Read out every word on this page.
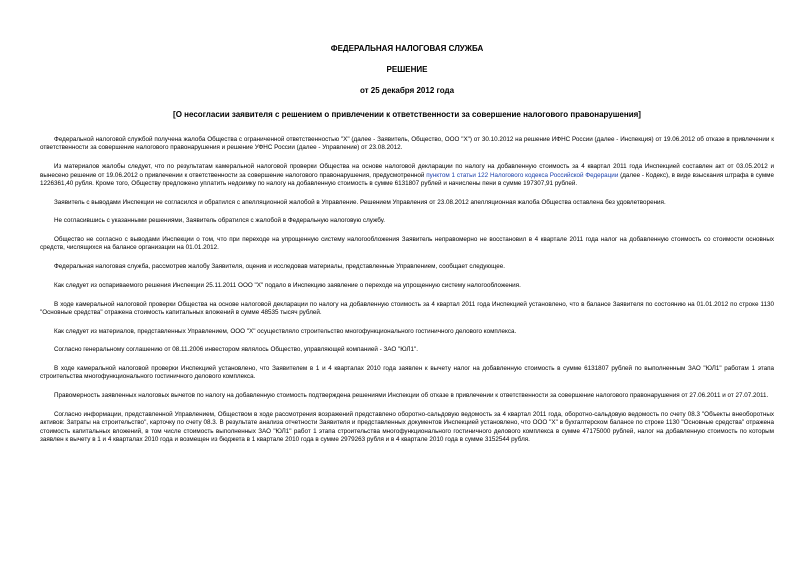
ФЕДЕРАЛЬНАЯ НАЛОГОВАЯ СЛУЖБА
РЕШЕНИЕ
от 25 декабря 2012 года
[О несогласии заявителя с решением о привлечении к ответственности за совершение налогового правонарушения]

Федеральной налоговой службой получена жалоба Общества с ограниченной ответственностью "Х" (далее - Заявитель, Общество, ООО "Х") от 30.10.2012 на решение ИФНС России (далее - Инспекция) от 19.06.2012 об отказе в привлечении к ответственности за совершение налогового правонарушения и решение УФНС России (далее - Управление) от 23.08.2012.

Из материалов жалобы следует, что по результатам камеральной налоговой проверки Общества на основе налоговой декларации по налогу на добавленную стоимость за 4 квартал 2011 года Инспекцией составлен акт от 03.05.2012 и вынесено решение от 19.06.2012 о привлечении к ответственности за совершение налогового правонарушения, предусмотренной пунктом 1 статьи 122 Налогового кодекса Российской Федерации (далее - Кодекс), в виде взыскания штрафа в сумме 1226361,40 рубля. Кроме того, Обществу предложено уплатить недоимку по налогу на добавленную стоимость в сумме 6131807 рублей и начислены пени в сумме 197307,91 рублей.

Заявитель с выводами Инспекции не согласился и обратился с апелляционной жалобой в Управление. Решением Управления от 23.08.2012 апелляционная жалоба Общества оставлена без удовлетворения.

Не согласившись с указанными решениями, Заявитель обратился с жалобой в Федеральную налоговую службу.

Общество не согласно с выводами Инспекции о том, что при переходе на упрощенную систему налогообложения Заявитель неправомерно не восстановил в 4 квартале 2011 года налог на добавленную стоимость со стоимости основных средств, числящихся на балансе организации на 01.01.2012.

Федеральная налоговая служба, рассмотрев жалобу Заявителя, оценив и исследовав материалы, представленные Управлением, сообщает следующее.

Как следует из оспариваемого решения Инспекции 25.11.2011 ООО "Х" подало в Инспекцию заявление о переходе на упрощенную систему налогообложения.

В ходе камеральной налоговой проверки Общества на основе налоговой декларации по налогу на добавленную стоимость за 4 квартал 2011 года Инспекцией установлено, что в балансе Заявителя по состоянию на 01.01.2012 по строке 1130 "Основные средства" отражена стоимость капитальных вложений в сумме 48535 тысяч рублей.

Как следует из материалов, представленных Управлением, ООО "Х" осуществляло строительство многофункционального гостиничного делового комплекса.

Согласно генеральному соглашению от 08.11.2006 инвестором являлось Общество, управляющей компанией - ЗАО "ЮЛ1".

В ходе камеральной налоговой проверки Инспекцией установлено, что Заявителем в 1 и 4 кварталах 2010 года заявлен к вычету налог на добавленную стоимость в сумме 6131807 рублей по выполненным ЗАО "ЮЛ1" работам 1 этапа строительства многофункционального гостиничного делового комплекса.

Правомерность заявленных налоговых вычетов по налогу на добавленную стоимость подтверждена решениями Инспекции об отказе в привлечении к ответственности за совершение налогового правонарушения от 27.06.2011 и от 27.07.2011.

Согласно информации, представленной Управлением, Обществом в ходе рассмотрения возражений представлено оборотно-сальдовую ведомость за 4 квартал 2011 года, оборотно-сальдовую ведомость по счету 08.3 "Объекты внеоборотных активов: Затраты на строительство", карточку по счету 08.3. В результате анализа отчетности Заявителя и представленных документов Инспекцией установлено, что ООО "Х" в бухгалтерском балансе по строке 1130 "Основные средства" отражена стоимость капитальных вложений, в том числе стоимость выполненных ЗАО "ЮЛ1" работ 1 этапа строительства многофункционального гостиничного делового комплекса в сумме 47175000 рублей, налог на добавленную стоимость по которым заявлен к вычету в 1 и 4 кварталах 2010 года и возмещен из бюджета в 1 квартале 2010 года в сумме 2979263 рубля и в 4 квартале 2010 года в сумме 3152544 рубля.
